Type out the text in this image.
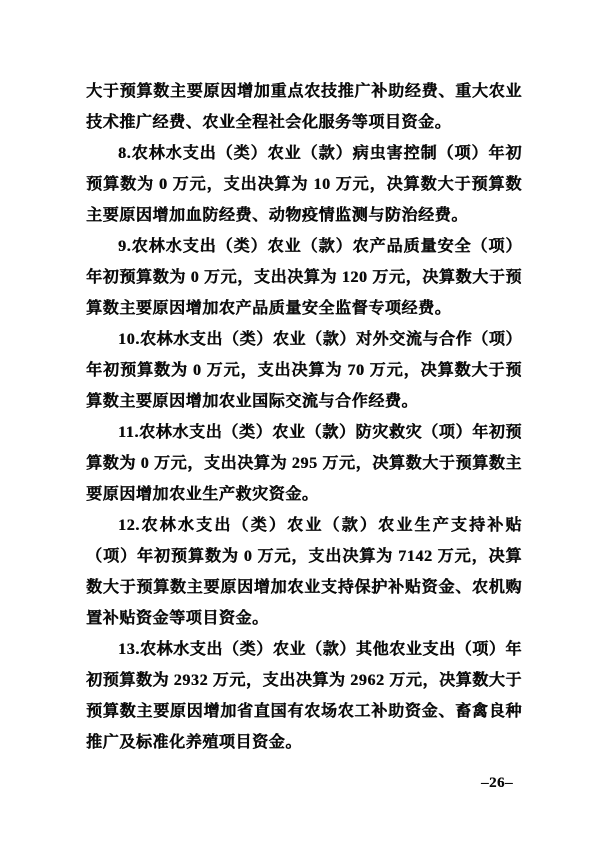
大于预算数主要原因增加重点农技推广补助经费、重大农业技术推广经费、农业全程社会化服务等项目资金。

8.农林水支出（类）农业（款）病虫害控制（项）年初预算数为 0 万元，支出决算为 10 万元，决算数大于预算数主要原因增加血防经费、动物疫情监测与防治经费。

9.农林水支出（类）农业（款）农产品质量安全（项）年初预算数为 0 万元，支出决算为 120 万元，决算数大于预算数主要原因增加农产品质量安全监督专项经费。

10.农林水支出（类）农业（款）对外交流与合作（项）年初预算数为 0 万元，支出决算为 70 万元，决算数大于预算数主要原因增加农业国际交流与合作经费。

11.农林水支出（类）农业（款）防灾救灾（项）年初预算数为 0 万元，支出决算为 295 万元，决算数大于预算数主要原因增加农业生产救灾资金。

12.农林水支出（类）农业（款）农业生产支持补贴（项）年初预算数为 0 万元，支出决算为 7142 万元，决算数大于预算数主要原因增加农业支持保护补贴资金、农机购置补贴资金等项目资金。

13.农林水支出（类）农业（款）其他农业支出（项）年初预算数为 2932 万元，支出决算为 2962 万元，决算数大于预算数主要原因增加省直国有农场农工补助资金、畜禽良种推广及标准化养殖项目资金。

–26–
